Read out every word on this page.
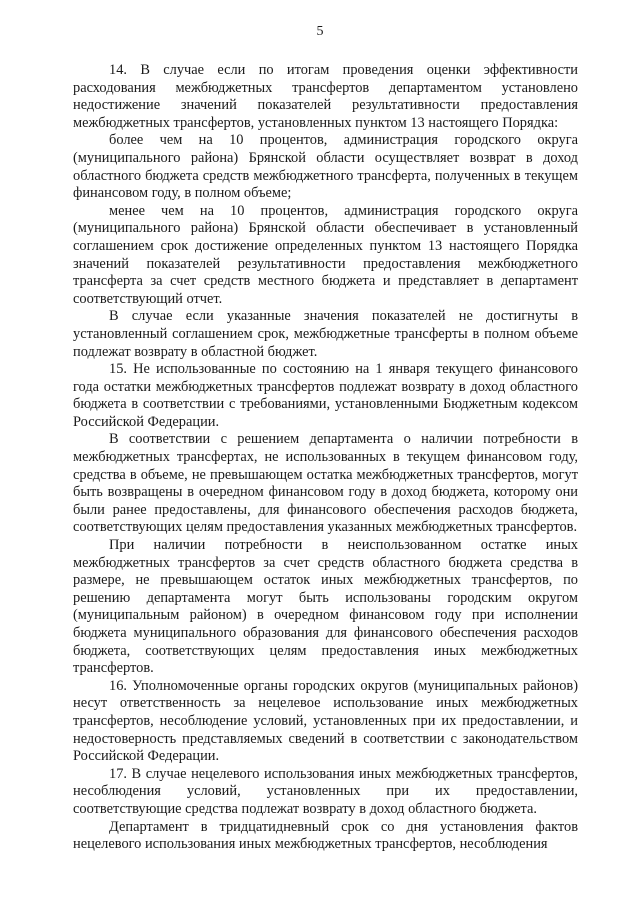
5

14. В случае если по итогам проведения оценки эффективности расходования межбюджетных трансфертов департаментом установлено недостижение значений показателей результативности предоставления межбюджетных трансфертов, установленных пунктом 13 настоящего Порядка:

более чем на 10 процентов, администрация городского округа (муниципального района) Брянской области осуществляет возврат в доход областного бюджета средств межбюджетного трансферта, полученных в текущем финансовом году, в полном объеме;

менее чем на 10 процентов, администрация городского округа (муниципального района) Брянской области обеспечивает в установленный соглашением срок достижение определенных пунктом 13 настоящего Порядка значений показателей результативности предоставления межбюджетного трансферта за счет средств местного бюджета и представляет в департамент соответствующий отчет.

В случае если указанные значения показателей не достигнуты в установленный соглашением срок, межбюджетные трансферты в полном объеме подлежат возврату в областной бюджет.

15. Не использованные по состоянию на 1 января текущего финансового года остатки межбюджетных трансфертов подлежат возврату в доход областного бюджета в соответствии с требованиями, установленными Бюджетным кодексом Российской Федерации.

В соответствии с решением департамента о наличии потребности в межбюджетных трансфертах, не использованных в текущем финансовом году, средства в объеме, не превышающем остатка межбюджетных трансфертов, могут быть возвращены в очередном финансовом году в доход бюджета, которому они были ранее предоставлены, для финансового обеспечения расходов бюджета, соответствующих целям предоставления указанных межбюджетных трансфертов.

При наличии потребности в неиспользованном остатке иных межбюджетных трансфертов за счет средств областного бюджета средства в размере, не превышающем остаток иных межбюджетных трансфертов, по решению департамента могут быть использованы городским округом (муниципальным районом) в очередном финансовом году при исполнении бюджета муниципального образования для финансового обеспечения расходов бюджета, соответствующих целям предоставления иных межбюджетных трансфертов.

16. Уполномоченные органы городских округов (муниципальных районов) несут ответственность за нецелевое использование иных межбюджетных трансфертов, несоблюдение условий, установленных при их предоставлении, и недостоверность представляемых сведений в соответствии с законодательством Российской Федерации.

17. В случае нецелевого использования иных межбюджетных трансфертов, несоблюдения условий, установленных при их предоставлении, соответствующие средства подлежат возврату в доход областного бюджета.

Департамент в тридцатидневный срок со дня установления фактов нецелевого использования иных межбюджетных трансфертов, несоблюдения
